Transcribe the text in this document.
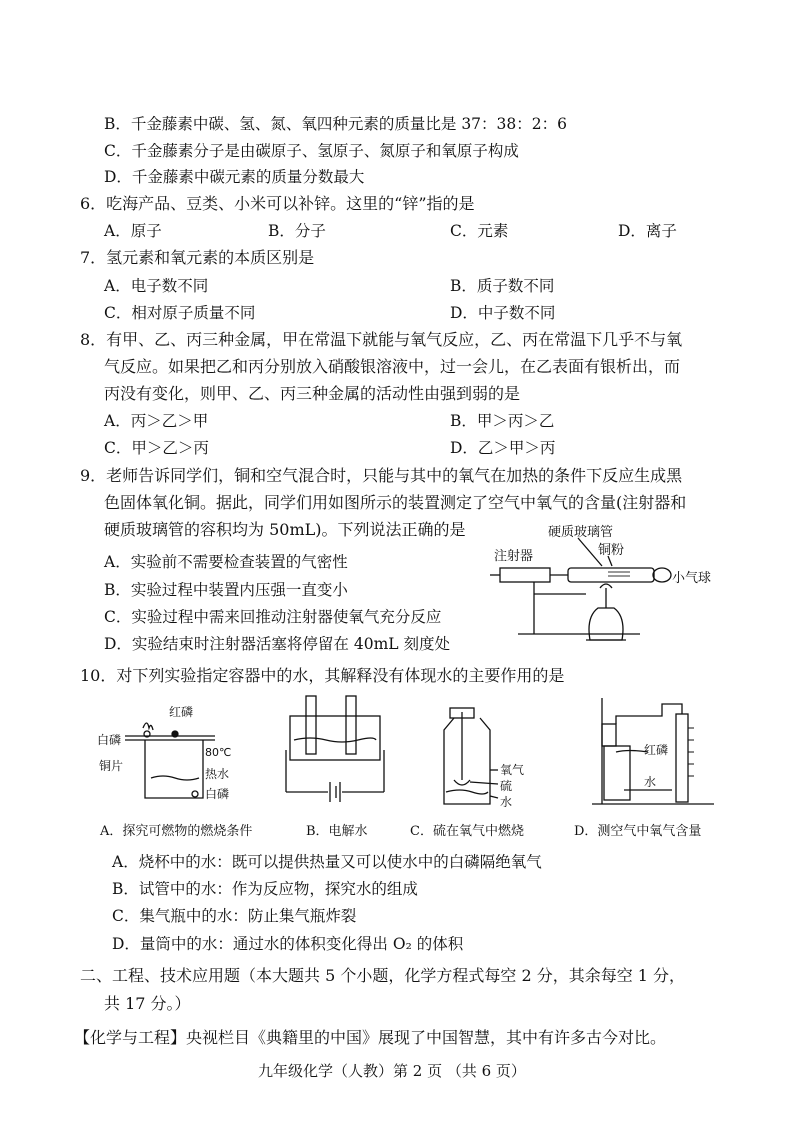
B．千金藤素中碳、氢、氮、氧四种元素的质量比是 37：38：2：6
C．千金藤素分子是由碳原子、氢原子、氮原子和氧原子构成
D．千金藤素中碳元素的质量分数最大
6．吃海产品、豆类、小米可以补锌。这里的“锌”指的是
A．原子	B．分子	C．元素	D．离子
7．氢元素和氧元素的本质区别是
A．电子数不同	B．质子数不同
C．相对原子质量不同	D．中子数不同
8．有甲、乙、丙三种金属，甲在常温下就能与氧气反应，乙、丙在常温下几乎不与氧
气反应。如果把乙和丙分别放入硝酸银溶液中，过一会儿，在乙表面有银析出，而
丙没有变化，则甲、乙、丙三种金属的活动性由强到弱的是
A．丙＞乙＞甲	B．甲＞丙＞乙
C．甲＞乙＞丙	D．乙＞甲＞丙
9．老师告诉同学们，铜和空气混合时，只能与其中的氧气在加热的条件下反应生成黑
色固体氧化铜。据此，同学们用如图所示的装置测定了空气中氧气的含量(注射器和
硬质玻璃管的容积均为 50mL)。下列说法正确的是
A．实验前不需要检查装置的气密性
B．实验过程中装置内压强一直变小
C．实验过程中需来回推动注射器使氧气充分反应
D．实验结束时注射器活塞将停留在 40mL 刻度处
硬质玻璃管
铜粉
注射器
小气球
10．对下列实验指定容器中的水，其解释没有体现水的主要作用的是
红磷
白磷
80℃
铜片
热水
白磷
氧气
硫
水
红磷
水
A．探究可燃物的燃烧条件	B．电解水	C．硫在氧气中燃烧	D．测空气中氧气含量
A．烧杯中的水：既可以提供热量又可以使水中的白磷隔绝氧气
B．试管中的水：作为反应物，探究水的组成
C．集气瓶中的水：防止集气瓶炸裂
D．量筒中的水：通过水的体积变化得出 O₂ 的体积
二、工程、技术应用题（本大题共 5 个小题，化学方程式每空 2 分，其余每空 1 分，
共 17 分。）
【化学与工程】央视栏目《典籍里的中国》展现了中国智慧，其中有许多古今对比。
九年级化学（人教）第 2 页 （共 6 页）
